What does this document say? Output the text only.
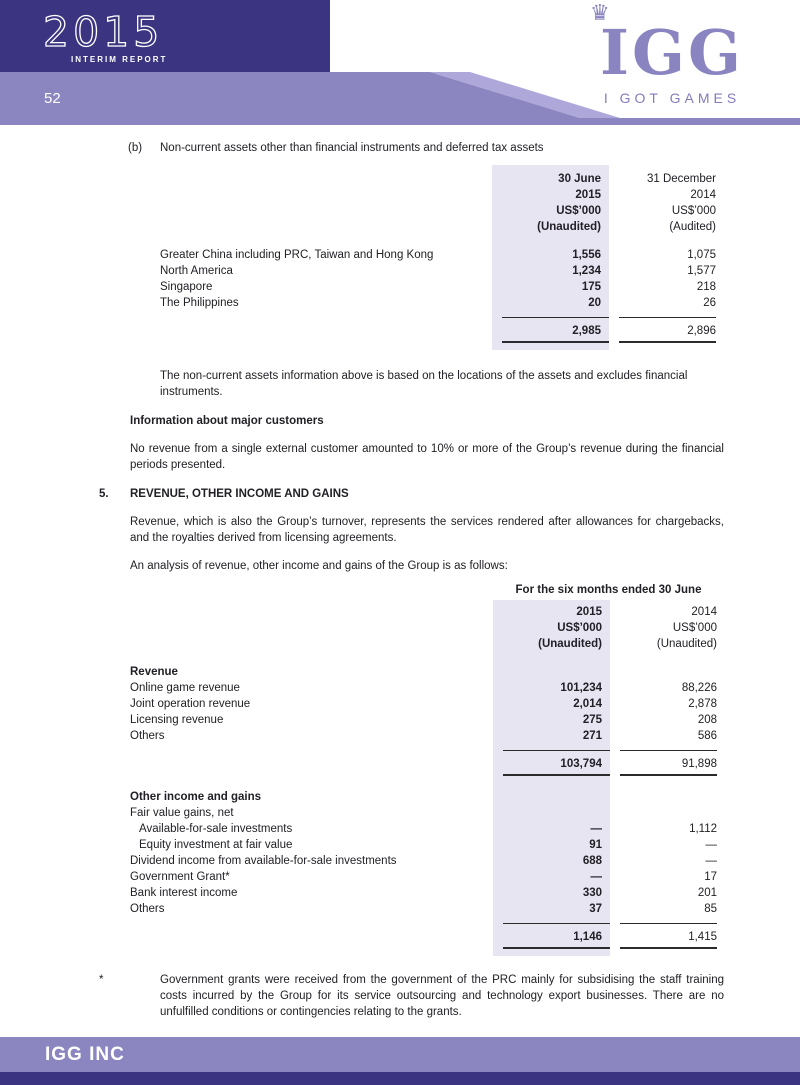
2015
INTERIM REPORT
52
♛
IGG
I GOT GAMES
(b)	Non-current assets other than financial instruments and deferred tax assets
30 June
2015
US$’000
(Unaudited)
31 December
2014
US$’000
(Audited)
Greater China including PRC, Taiwan and Hong Kong	1,556	1,075
North America	1,234	1,577
Singapore	175	218
The Philippines	20	26
2,985	2,896

The non-current assets information above is based on the locations of the assets and excludes financial instruments.

Information about major customers

No revenue from a single external customer amounted to 10% or more of the Group’s revenue during the financial periods presented.

5.	REVENUE, OTHER INCOME AND GAINS

Revenue, which is also the Group’s turnover, represents the services rendered after allowances for chargebacks, and the royalties derived from licensing agreements.

An analysis of revenue, other income and gains of the Group is as follows:

For the six months ended 30 June
2015
US$’000
(Unaudited)
2014
US$’000
(Unaudited)
Revenue
Online game revenue	101,234	88,226
Joint operation revenue	2,014	2,878
Licensing revenue	275	208
Others	271	586
103,794	91,898
Other income and gains
Fair value gains, net
Available-for-sale investments	—	1,112
Equity investment at fair value	91	—
Dividend income from available-for-sale investments	688	—
Government Grant*	—	17
Bank interest income	330	201
Others	37	85
1,146	1,415
*	Government grants were received from the government of the PRC mainly for subsidising the staff training costs incurred by the Group for its service outsourcing and technology export businesses. There are no unfulfilled conditions or contingencies relating to the grants.
IGG INC
